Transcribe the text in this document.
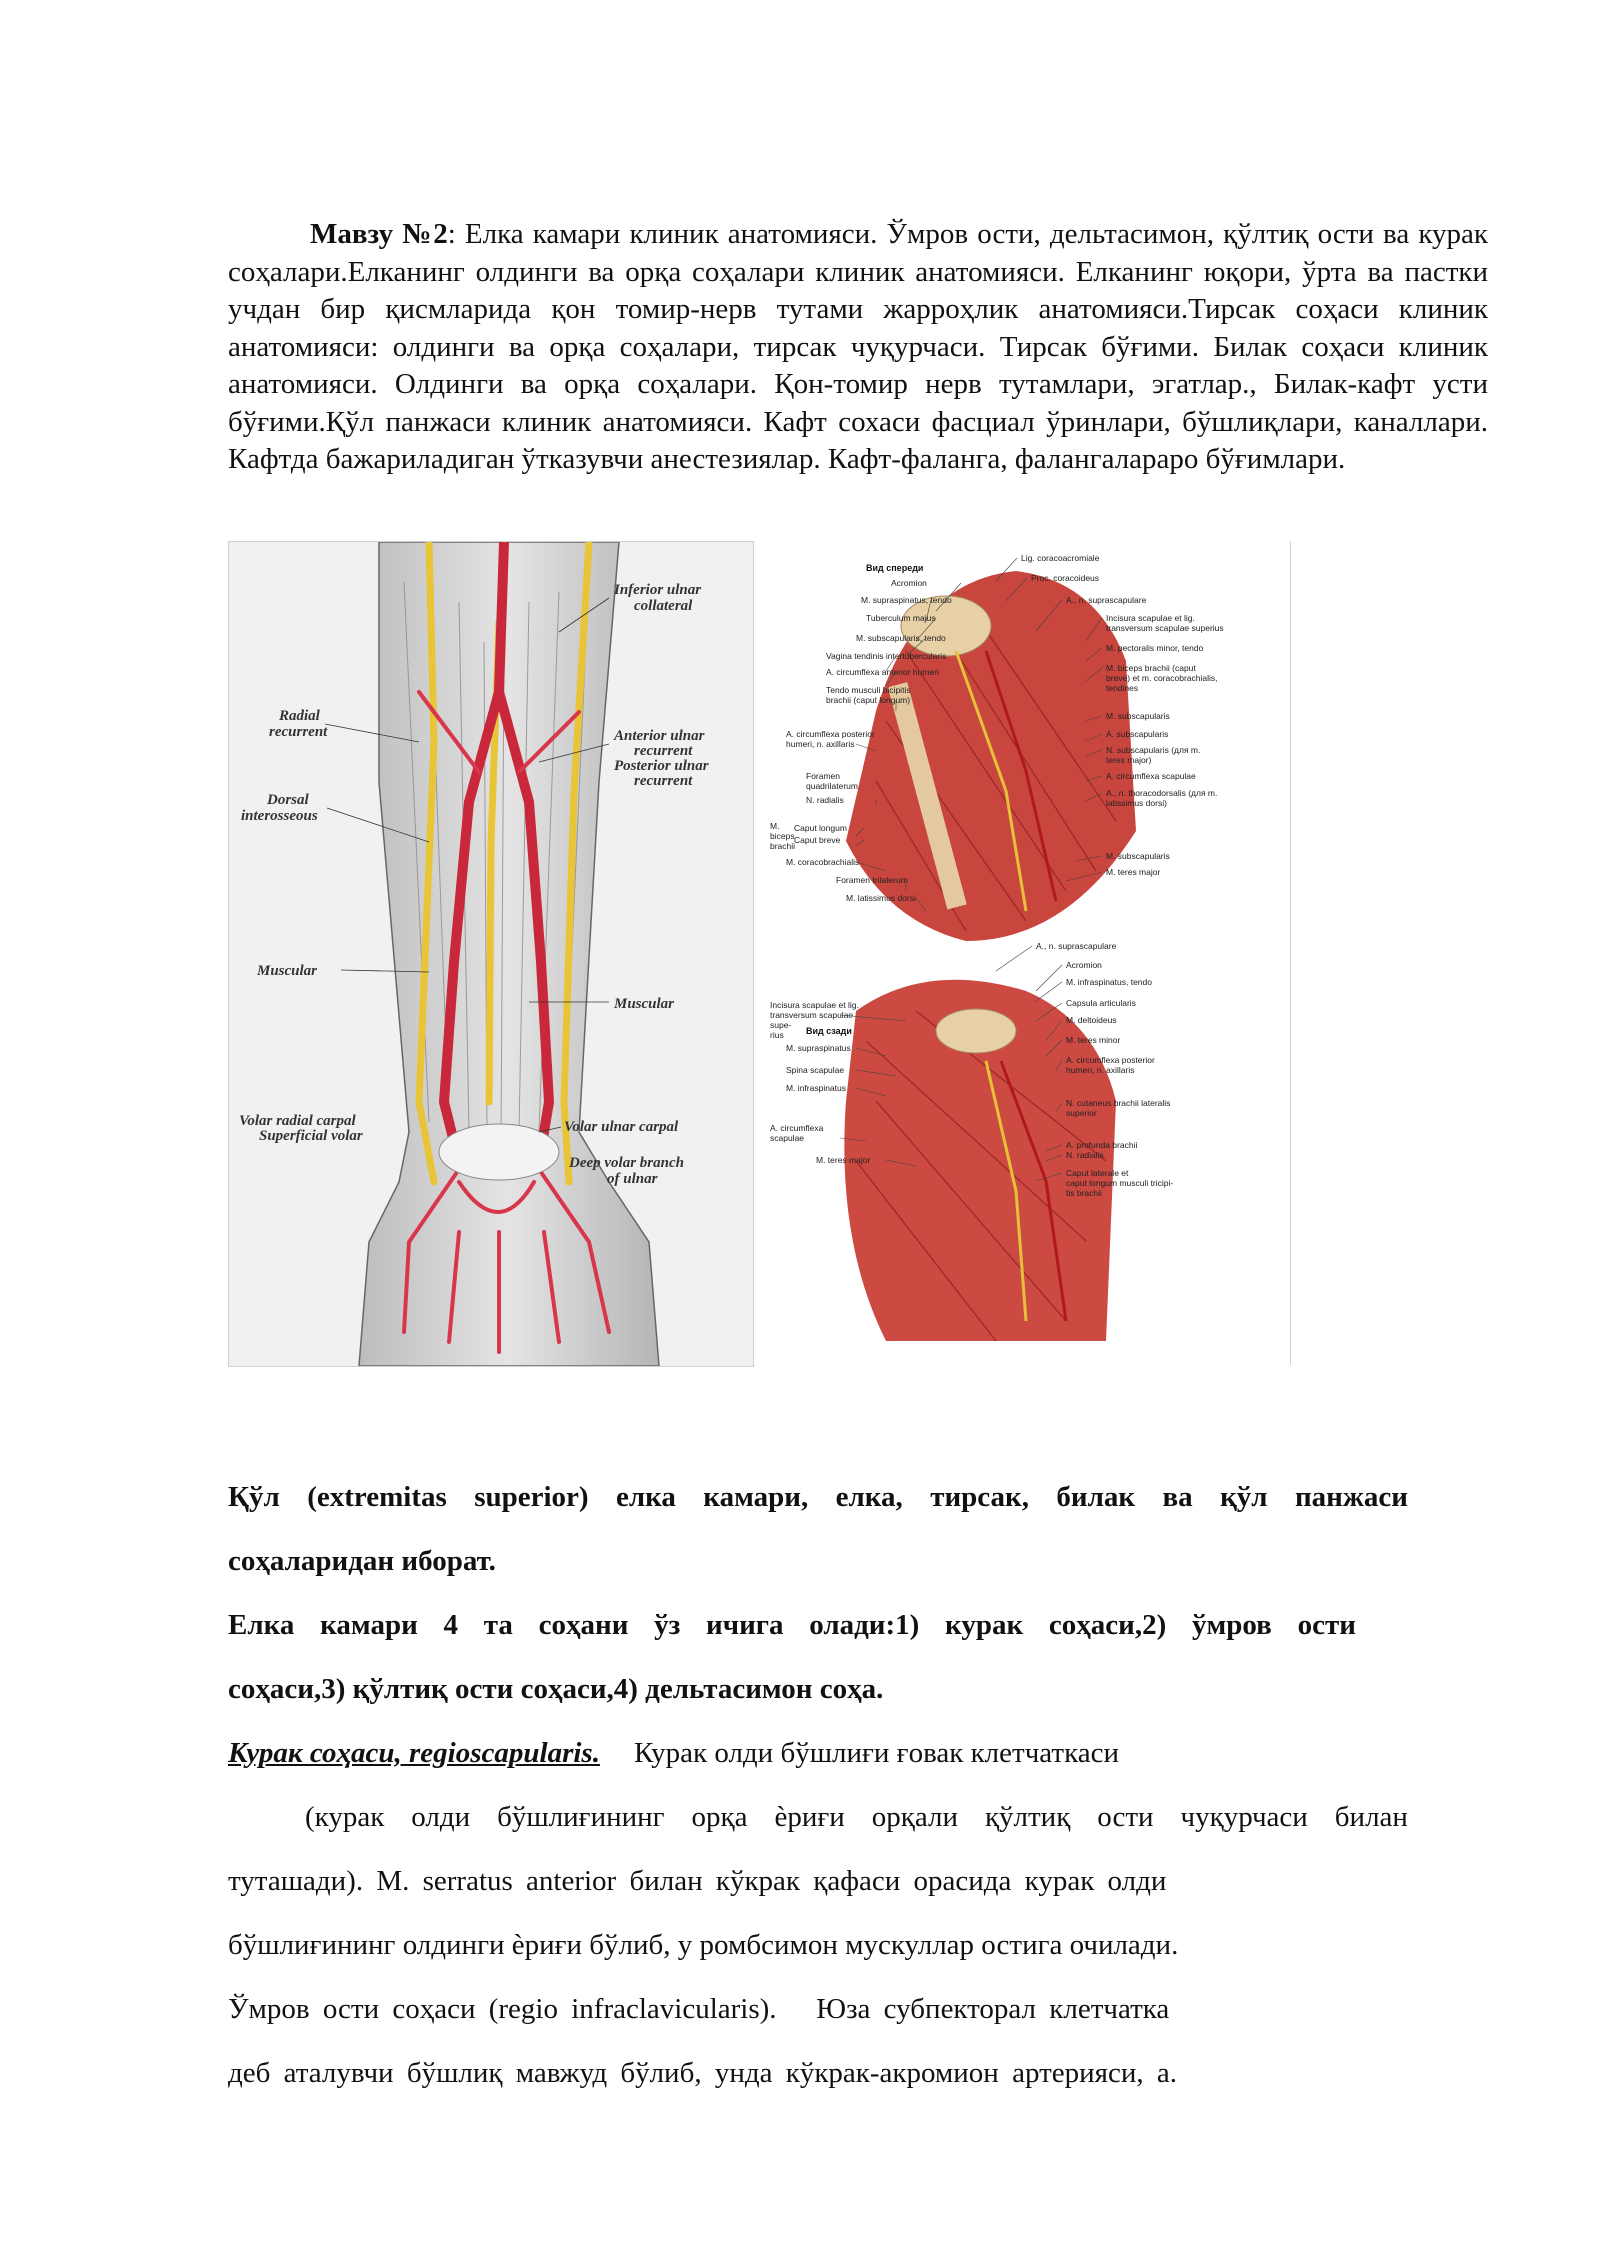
Мавзу №2: Елка камари клиник анатомияси. Ўмров ости, дельтасимон, қўлтиқ ости ва курак соҳалари.Елканинг олдинги ва орқа соҳалари клиник анатомияси. Елканинг юқори, ўрта ва пастки учдан бир қисмларида қон томир-нерв тутами жарроҳлик анатомияси.Тирсак соҳаси клиник анатомияси: олдинги ва орқа соҳалари, тирсак чуқурчаси. Тирсак бўғими. Билак соҳаси клиник анатомияси. Олдинги ва орқа соҳалари. Қон-томир нерв тутамлари, эгатлар., Билак-кафт усти бўғими.Қўл панжаси клиник анатомияси. Кафт сохаси фасциал ўринлари, бўшлиқлари, каналлари. Кафтда бажариладиган ўтказувчи анестезиялар. Кафт-фаланга, фалангалараро бўғимлари.
Inferior ulnar
collateral
Radial
recurrent	Anterior ulnar
recurrent
Posterior ulnar
recurrent
Dorsal
interosseous
Muscular
Muscular
Volar radial carpal
Superficial volar
Volar ulnar carpal
Deep volar branch
of ulnar
Вид спереди
Lig. coracoacromiale
Acromion	Proc. coracoideus
M. supraspinatus, tendo	A., n. suprascapulare
Tuberculum majus	Incisura scapulae et lig.
transversum scapulae superius
M. subscapularis, tendo
M. pectoralis minor, tendo
Vagina tendinis intertubercularis
M. biceps brachii (caput
A. circumflexa anterior humeri
breve) et m. coracobrachialis,
tendines
Tendo musculi bicipitis
brachii (caput longum)
M. subscapularis
A. circumflexa posterior
humeri, n. axillaris
A. subscapularis
N. subscapularis (для m.
teres major)
Foramen
quadrilaterum
A. circumflexa scapulae
N. radialis
A., n. thoracodorsalis (для m.
latissimus dorsi)
M.
biceps
brachii
Caput longum
Caput breve
M. subscapularis
M. coracobrachialis
M. teres major
Foramen trilaterum
M. latissimus dorsi
Вид сзади
A., n. suprascapulare
Acromion
M. infraspinatus, tendo
Incisura scapulae et lig.
transversum scapulae
supe-
rius
Capsula articularis
M. deltoideus
M. supraspinatus
M. teres minor
Spina scapulae
A. circumflexa posterior
humeri, n. axillaris
M. infraspinatus
N. cutaneus brachii lateralis
superior
A. circumflexa
scapulae
A. profunda brachii
N. radialis
M. teres major
Caput laterale et
caput longum musculi tricipi-
tis brachii
Қўл (extremitas superior) елка камари, елка, тирсак, билак ва қўл панжаси
соҳаларидан иборат.
Елка камари 4 та соҳани ўз ичига олади:1) курак соҳаси,2) ўмров ости
соҳаси,3) қўлтиқ ости соҳаси,4) дельтасимон соҳа.
Курак соҳаси, regioscapularis. Курак олди бўшлиғи ғовак клетчаткаси
(курак олди бўшлиғининг орқа ѐриғи орқали қўлтиқ ости чуқурчаси билан
туташади). M. serratus anterior билан кўкрак қафаси орасида курак олди
бўшлиғининг олдинги ѐриғи бўлиб, у ромбсимон мускуллар остига очилади.
Ўмров ости соҳаси (regio infraclavicularis).   Юза субпекторал клетчатка
деб аталувчи бўшлиқ мавжуд бўлиб, унда кўкрак-акромион артерияси, а.
